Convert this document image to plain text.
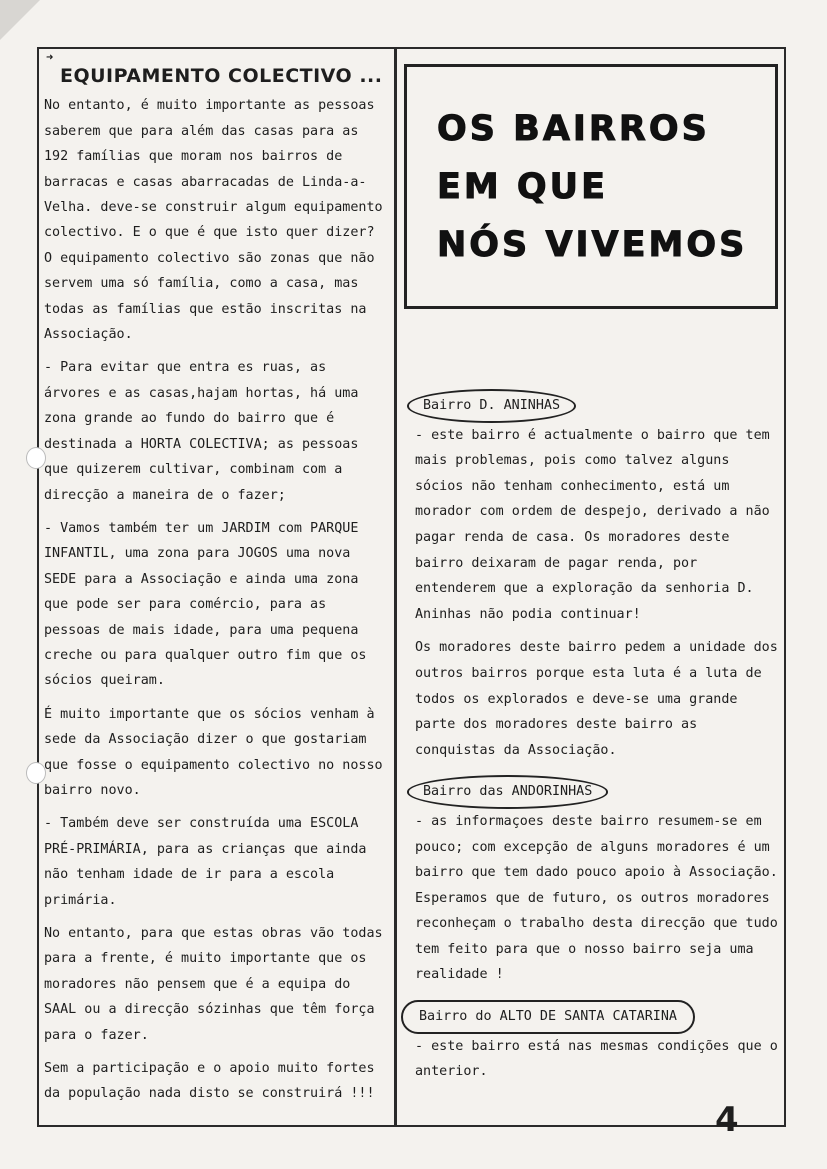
➜
EQUIPAMENTO COLECTIVO ...

No entanto, é muito importante as pessoas saberem que para além das casas para as 192 famílias que moram nos bairros de barracas e casas abarracadas de Linda-a-Velha. deve-se construir algum equipamento colectivo. E o que é que isto quer dizer? O equipamento colectivo são zonas que não servem uma só família, como a casa, mas todas as famílias que estão inscritas na Associação.

- Para evitar que entra es ruas, as árvores e as casas,hajam hortas, há uma zona grande ao fundo do bairro que é destinada a HORTA COLECTIVA; as pessoas que quizerem cultivar, combinam com a direcção a maneira de o fazer;

- Vamos também ter um JARDIM com PARQUE INFANTIL, uma zona para JOGOS uma nova SEDE para a Associação e ainda uma zona que pode ser para comércio, para as pessoas de mais idade, para uma pequena creche ou para qualquer outro fim que os sócios queiram.

É muito importante que os sócios venham à sede da Associação dizer o que gostariam que fosse o equipamento colectivo no nosso bairro novo.

- Também deve ser construída uma ESCOLA PRÉ-PRIMÁRIA, para as crianças que ainda não tenham idade de ir para a escola primária.

No entanto, para que estas obras vão todas para a frente, é muito importante que os moradores não pensem que é a equipa do SAAL ou a direcção sózinhas que têm força para o fazer.

Sem a participação e o apoio muito fortes da população nada disto se construirá !!!

OS BAIRROS
EM QUE
NÓS VIVEMOS
Bairro D. ANINHAS

- este bairro é actualmente o bairro que tem mais problemas, pois como talvez alguns sócios não tenham conhecimento, está um morador com ordem de despejo, derivado a não pagar renda de casa. Os moradores deste bairro deixaram de pagar renda, por entenderem que a exploração da senhoria D. Aninhas não podia continuar!

Os moradores deste bairro pedem a unidade dos outros bairros porque esta luta é a luta de todos os explorados e deve-se uma grande parte dos moradores deste bairro as conquistas da Associação.

Bairro das ANDORINHAS

- as informaçoes deste bairro resumem-se em pouco; com excepção de alguns moradores é um bairro que tem dado pouco apoio à Associação. Esperamos que de futuro, os outros moradores reconheçam o trabalho desta direcção que tudo tem feito para que o nosso bairro seja uma realidade !

Bairro do ALTO DE SANTA CATARINA

- este bairro está nas mesmas condições que o anterior.

4
